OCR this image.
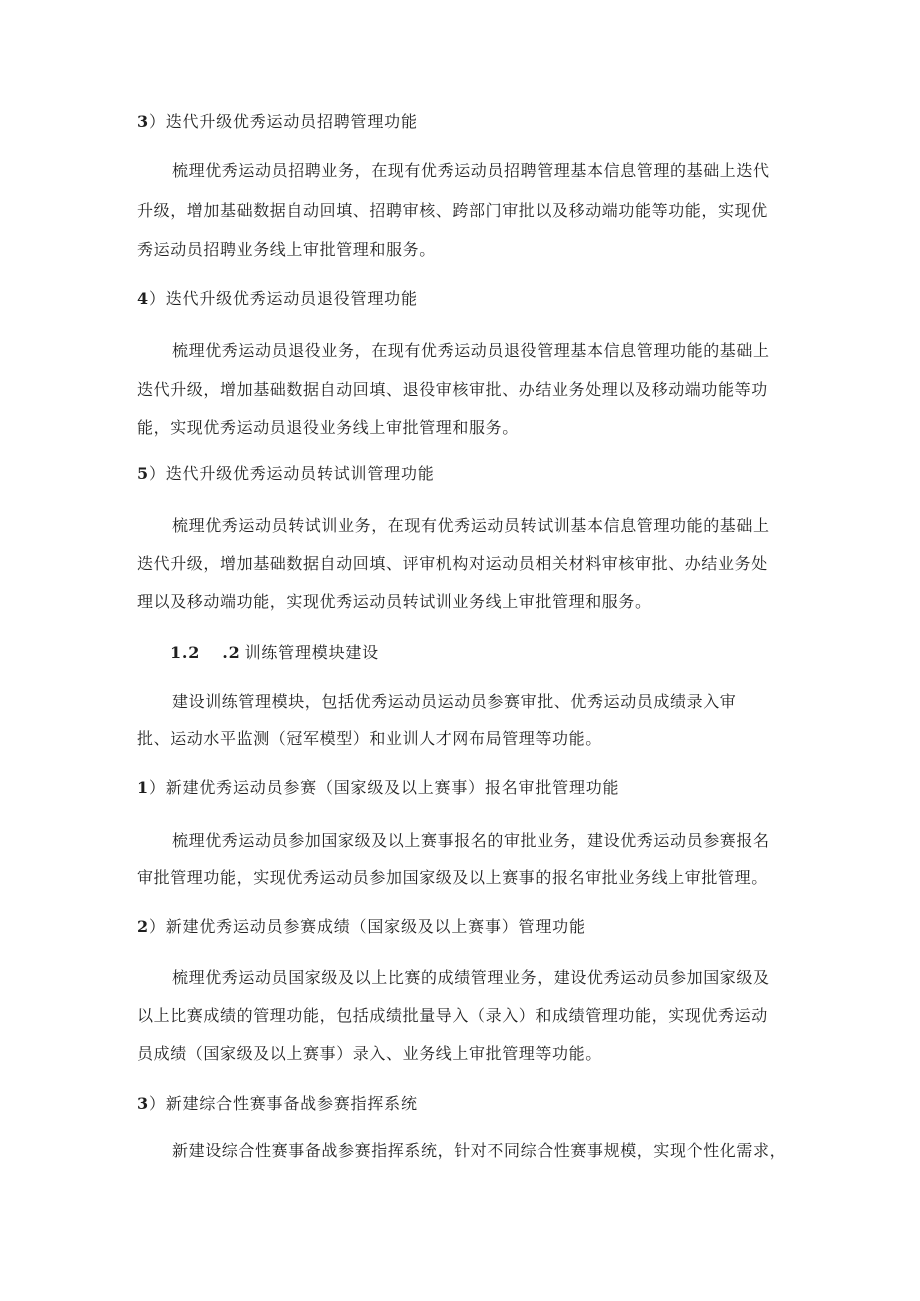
3）迭代升级优秀运动员招聘管理功能
梳理优秀运动员招聘业务，在现有优秀运动员招聘管理基本信息管理的基础上迭代
升级，增加基础数据自动回填、招聘审核、跨部门审批以及移动端功能等功能，实现优
秀运动员招聘业务线上审批管理和服务。
4）迭代升级优秀运动员退役管理功能
梳理优秀运动员退役业务，在现有优秀运动员退役管理基本信息管理功能的基础上
迭代升级，增加基础数据自动回填、退役审核审批、办结业务处理以及移动端功能等功
能，实现优秀运动员退役业务线上审批管理和服务。
5）迭代升级优秀运动员转试训管理功能
梳理优秀运动员转试训业务，在现有优秀运动员转试训基本信息管理功能的基础上
迭代升级，增加基础数据自动回填、评审机构对运动员相关材料审核审批、办结业务处
理以及移动端功能，实现优秀运动员转试训业务线上审批管理和服务。
1.2 .2 训练管理模块建设
建设训练管理模块，包括优秀运动员运动员参赛审批、优秀运动员成绩录入审
批、运动水平监测（冠军模型）和业训人才网布局管理等功能。
1）新建优秀运动员参赛（国家级及以上赛事）报名审批管理功能
梳理优秀运动员参加国家级及以上赛事报名的审批业务，建设优秀运动员参赛报名
审批管理功能，实现优秀运动员参加国家级及以上赛事的报名审批业务线上审批管理。
2）新建优秀运动员参赛成绩（国家级及以上赛事）管理功能
梳理优秀运动员国家级及以上比赛的成绩管理业务，建设优秀运动员参加国家级及
以上比赛成绩的管理功能，包括成绩批量导入（录入）和成绩管理功能，实现优秀运动
员成绩（国家级及以上赛事）录入、业务线上审批管理等功能。
3）新建综合性赛事备战参赛指挥系统
新建设综合性赛事备战参赛指挥系统，针对不同综合性赛事规模，实现个性化需求，
